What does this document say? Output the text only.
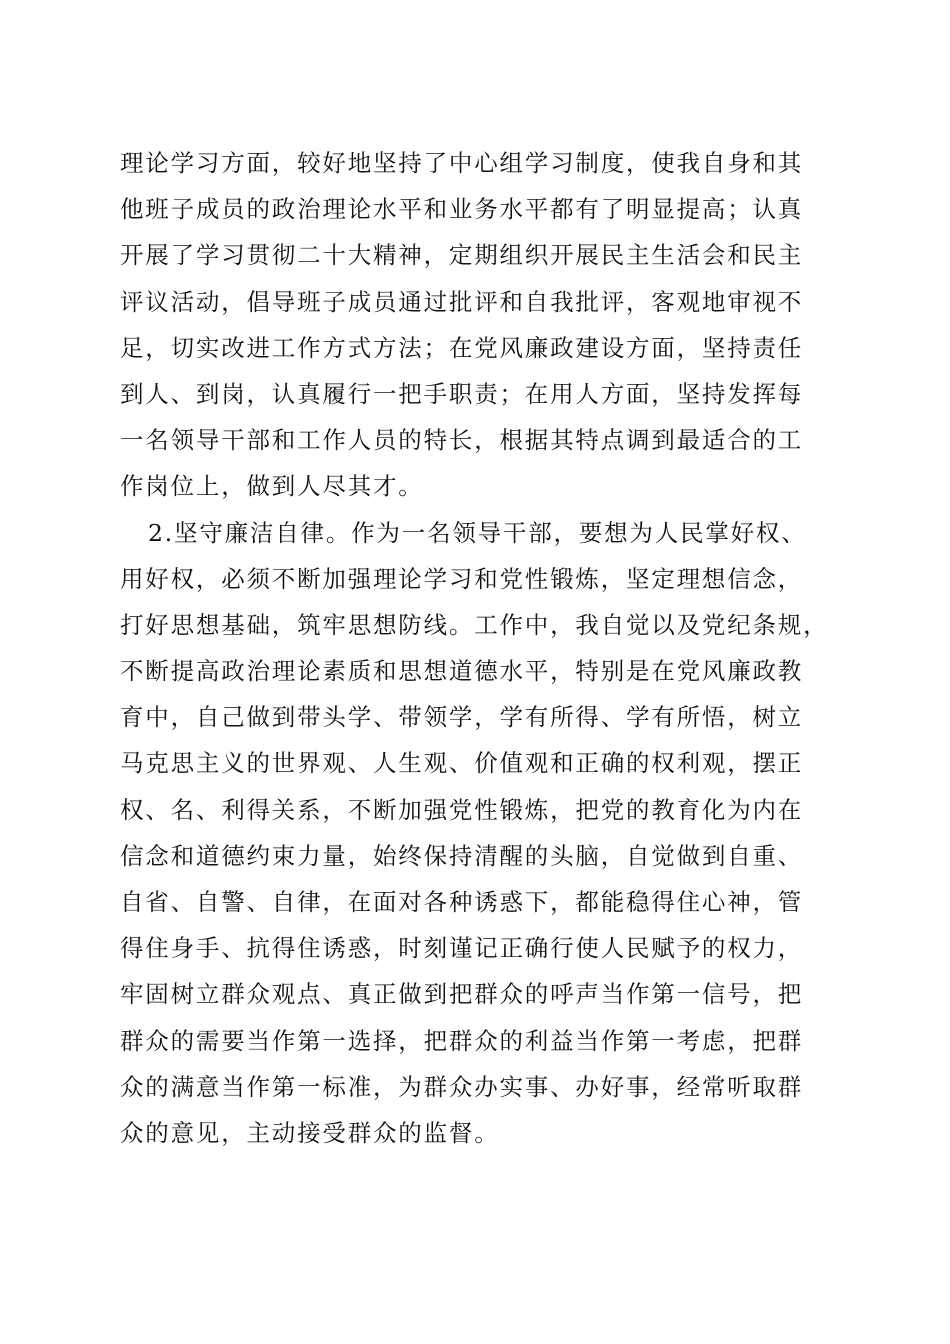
理论学习方面，较好地坚持了中心组学习制度，使我自身和其
他班子成员的政治理论水平和业务水平都有了明显提高；认真
开展了学习贯彻二十大精神，定期组织开展民主生活会和民主
评议活动，倡导班子成员通过批评和自我批评，客观地审视不
足，切实改进工作方式方法；在党风廉政建设方面，坚持责任
到人、到岗，认真履行一把手职责；在用人方面，坚持发挥每
一名领导干部和工作人员的特长，根据其特点调到最适合的工
作岗位上，做到人尽其才。
2.坚守廉洁自律。作为一名领导干部，要想为人民掌好权、
用好权，必须不断加强理论学习和党性锻炼，坚定理想信念，
打好思想基础，筑牢思想防线。工作中，我自觉以及党纪条规，
不断提高政治理论素质和思想道德水平，特别是在党风廉政教
育中，自己做到带头学、带领学，学有所得、学有所悟，树立
马克思主义的世界观、人生观、价值观和正确的权利观，摆正
权、名、利得关系，不断加强党性锻炼，把党的教育化为内在
信念和道德约束力量，始终保持清醒的头脑，自觉做到自重、
自省、自警、自律，在面对各种诱惑下，都能稳得住心神，管
得住身手、抗得住诱惑，时刻谨记正确行使人民赋予的权力，
牢固树立群众观点、真正做到把群众的呼声当作第一信号，把
群众的需要当作第一选择，把群众的利益当作第一考虑，把群
众的满意当作第一标准，为群众办实事、办好事，经常听取群
众的意见，主动接受群众的监督。
